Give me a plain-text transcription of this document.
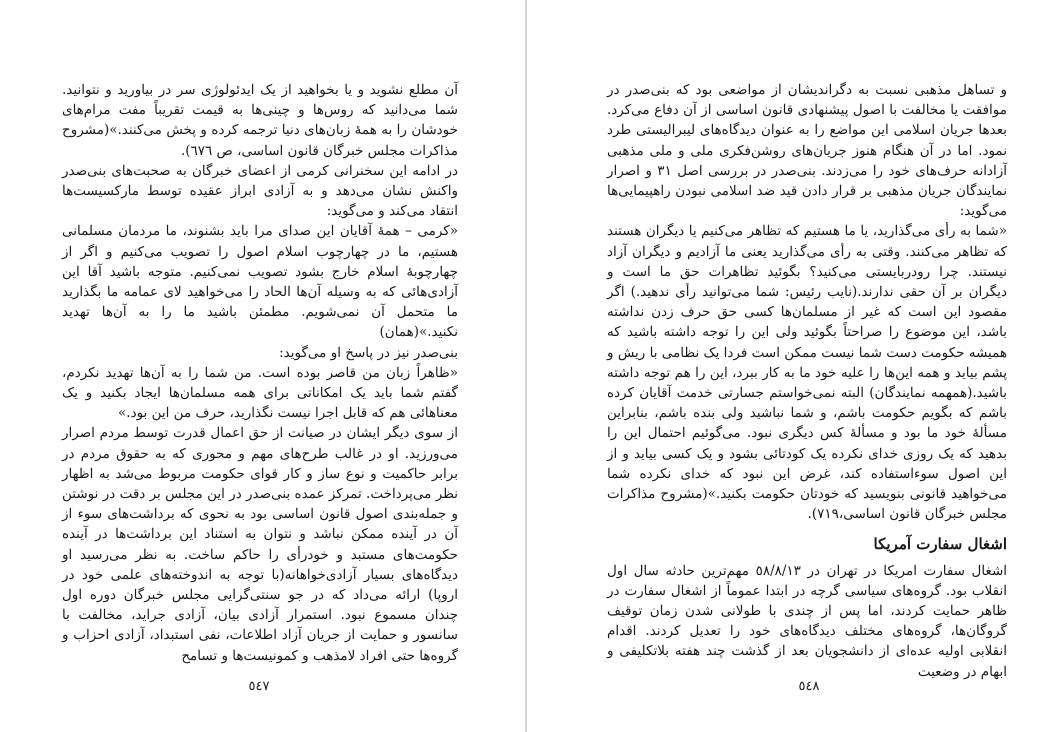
آن مطلع نشوید و یا بخواهید از یک ایدئولوژی سر در بیاورید و نتوانید. شما می‌دانید که روس‌ها و چینی‌ها به قیمت تقریباً مفت مرام‌های خودشان را به همهٔ زبان‌های دنیا ترجمه کرده و پخش می‌کنند.»(مشروح مذاکرات مجلس خبرگان قانون اساسی، ص ٦٧٦).

در ادامه این سخنرانی کرمی از اعضای خبرگان به صحبت‌های بنی‌صدر واکنش نشان می‌دهد و به آزادی ابراز عقیده توسط مارکسیست‌ها انتقاد می‌کند و می‌گوید:

«کرمی – همهٔ آقایان این صدای مرا باید بشنوند، ما مردمان مسلمانی هستیم، ما در چهارچوب اسلام اصول را تصویب می‌کنیم و اگر از چهارچوبهٔ اسلام خارج بشود تصویب نمی‌کنیم. متوجه باشید آقا این آزادی‌هائی که به وسیله آن‌ها الحاد را می‌خواهید لای عمامه ما بگذارید ما متحمل آن نمی‌شویم. مطمئن باشید ما را به آن‌ها تهدید نکنید.»(همان)

بنی‌صدر نیز در پاسخ او می‌گوید:

«ظاهراً زبان من قاصر بوده است. من شما را به آن‌ها تهدید نکردم، گفتم شما باید یک امکاناتی برای همه مسلمان‌ها ایجاد بکنید و یک معناهائی هم که قابل اجرا نیست نگذارید، حرف من این بود.»

از سوی دیگر ایشان در صیانت از حق اعمال قدرت توسط مردم اصرار می‌ورزید. او در غالب طرح‌های مهم و محوری که به حقوق مردم در برابر حاکمیت و نوع ساز و کار قوای حکومت مربوط می‌شد به اظهار نظر می‌پرداخت. تمرکز عمده بنی‌صدر در این مجلس بر دقت در نوشتن و جمله‌بندی اصول قانون اساسی بود به نحوی که برداشت‌های سوء از آن در آینده ممکن نباشد و نتوان به استناد این برداشت‌ها در آینده حکومت‌های مستبد و خودرأی را حاکم ساخت. به نظر می‌رسید او دیدگاه‌های بسیار آزادی‌خواهانه(با توجه به اندوخته‌های علمی خود در اروپا) ارائه می‌داد که در جو سنتی‌گرایی مجلس خبرگان دوره اول چندان مسموع نبود. استمرار آزادی بیان، آزادی جراید، مخالفت با سانسور و حمایت از جریان آزاد اطلاعات، نفی استبداد، آزادی احزاب و گروه‌ها حتی افراد لامذهب و کمونیست‌ها و تسامح

٥٤٧

و تساهل مذهبی نسبت به دگراندیشان از مواضعی بود که بنی‌صدر در موافقت یا مخالفت با اصول پیشنهادی قانون اساسی از آن دفاع می‌کرد. بعدها جریان اسلامی این مواضع را به عنوان دیدگاه‌های لیبرالیستی طرد نمود. اما در آن هنگام هنوز جریان‌های روشن‌فکری ملی و ملی مذهبی آزادانه حرف‌های خود را می‌زدند. بنی‌صدر در بررسی اصل ٣١ و اصرار نمایندگان جریان مذهبی بر قرار دادن قید ضد اسلامی نبودن راهپیمایی‌ها می‌گوید:

«شما به رأی می‌گذارید، یا ما هستیم که تظاهر می‌کنیم یا دیگران هستند که تظاهر می‌کنند. وقتی به رأی می‌گذارید یعنی ما آزادیم و دیگران آزاد نیستند. چرا رودربایستی می‌کنید؟ بگوئید تظاهرات حق ما است و دیگران بر آن حقی ندارند.(نایب رئیس: شما می‌توانید رأی ندهید.) اگر مقصود این است که غیر از مسلمان‌ها کسی حق حرف زدن نداشته باشد، این موضوع را صراحتاً بگوئید ولی این را توجه داشته باشید که همیشه حکومت دست شما نیست ممکن است فردا یک نظامی با ریش و پشم بیاید و همه این‌ها را علیه خود ما به کار ببرد، این را هم توجه داشته باشید.(همهمه نمایندگان) البته نمی‌خواستم جسارتی خدمت آقایان کرده باشم که بگویم حکومت باشم، و شما نباشید ولی بنده باشم، بنابراین مسألهٔ خود ما بود و مسألهٔ کس دیگری نبود. می‌گوئیم احتمال این را بدهید که یک روزی خدای نکرده یک کودتائی بشود و یک کسی بیاید و از این اصول سوءاستفاده کند، غرض این نبود که خدای نکرده شما می‌خواهید قانونی بنویسید که خودتان حکومت بکنید.»(مشروح مذاکرات مجلس خبرگان قانون اساسی،٧١٩).

اشغال سفارت آمریکا

اشغال سفارت امریکا در تهران در ٥٨/٨/١٣ مهم‌ترین حادثه سال اول انقلاب بود. گروه‌های سیاسی گرچه در ابتدا عموماً از اشغال سفارت در ظاهر حمایت کردند، اما پس از چندی با طولانی شدن زمان توقیف گروگان‌ها، گروه‌های مختلف دیدگاه‌های خود را تعدیل کردند. اقدام انقلابی اولیه عده‌ای از دانشجویان بعد از گذشت چند هفته بلاتکلیفی و ابهام در وضعیت

٥٤٨
